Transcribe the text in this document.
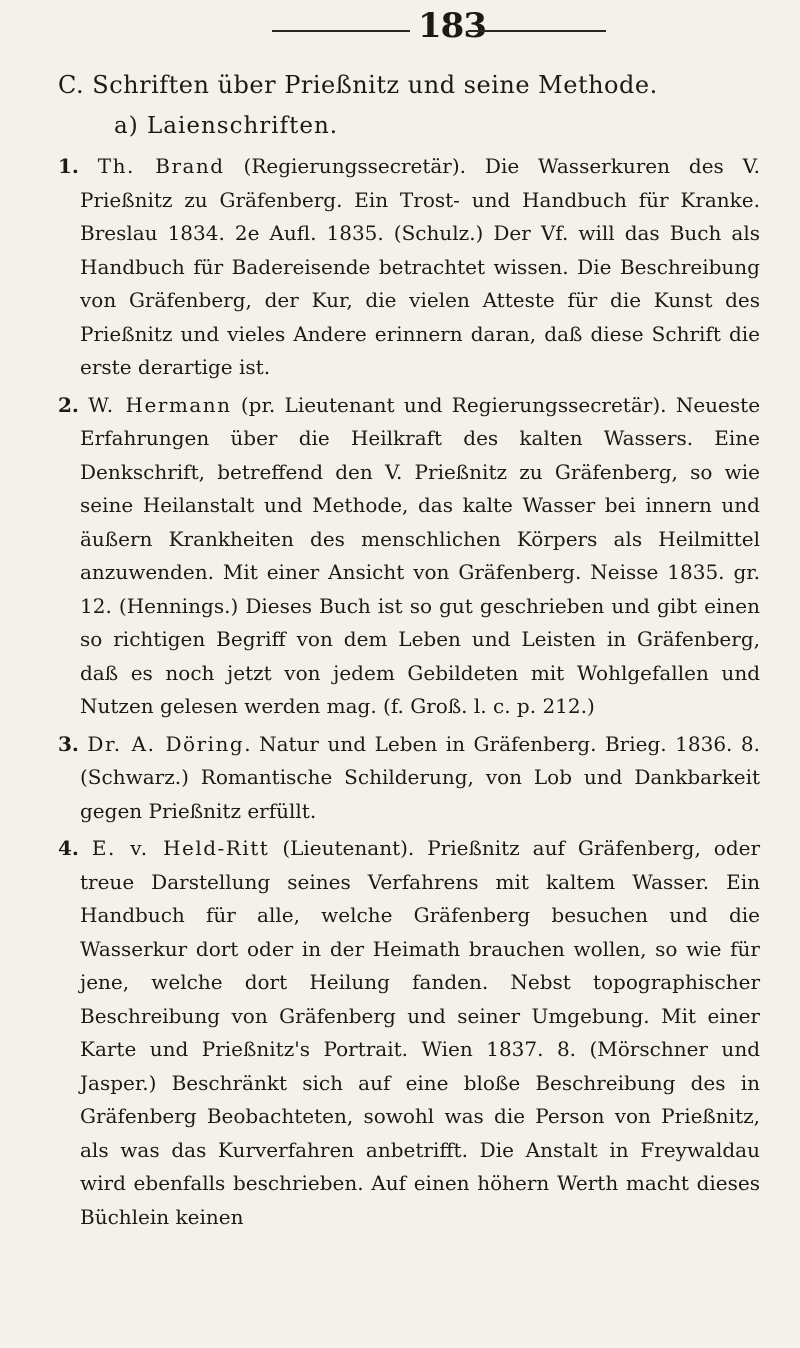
183
C. Schriften über Prießnitz und seine Methode.
a) Laienschriften.

1. Th. Brand (Regierungssecretär). Die Wasserkuren des V. Prießnitz zu Gräfenberg. Ein Trost- und Handbuch für Kranke. Breslau 1834. 2e Aufl. 1835. (Schulz.) Der Vf. will das Buch als Handbuch für Badereisende betrachtet wissen. Die Beschreibung von Gräfenberg, der Kur, die vielen Atteste für die Kunst des Prießnitz und vieles Andere erinnern daran, daß diese Schrift die erste derartige ist.

2. W. Hermann (pr. Lieutenant und Regierungssecretär). Neueste Erfahrungen über die Heilkraft des kalten Wassers. Eine Denkschrift, betreffend den V. Prießnitz zu Gräfenberg, so wie seine Heilanstalt und Methode, das kalte Wasser bei innern und äußern Krankheiten des menschlichen Körpers als Heilmittel anzuwenden. Mit einer Ansicht von Gräfenberg. Neisse 1835. gr. 12. (Hennings.) Dieses Buch ist so gut geschrieben und gibt einen so richtigen Begriff von dem Leben und Leisten in Gräfenberg, daß es noch jetzt von jedem Gebildeten mit Wohlgefallen und Nutzen gelesen werden mag. (f. Groß. l. c. p. 212.)

3. Dr. A. Döring. Natur und Leben in Gräfenberg. Brieg. 1836. 8. (Schwarz.) Romantische Schilderung, von Lob und Dankbarkeit gegen Prießnitz erfüllt.

4. E. v. Held-Ritt (Lieutenant). Prießnitz auf Gräfenberg, oder treue Darstellung seines Verfahrens mit kaltem Wasser. Ein Handbuch für alle, welche Gräfenberg besuchen und die Wasserkur dort oder in der Heimath brauchen wollen, so wie für jene, welche dort Heilung fanden. Nebst topographischer Beschreibung von Gräfenberg und seiner Umgebung. Mit einer Karte und Prießnitz's Portrait. Wien 1837. 8. (Mörschner und Jasper.) Beschränkt sich auf eine bloße Beschreibung des in Gräfenberg Beobachteten, sowohl was die Person von Prießnitz, als was das Kurverfahren anbetrifft. Die Anstalt in Freywaldau wird ebenfalls beschrieben. Auf einen höhern Werth macht dieses Büchlein keinen
